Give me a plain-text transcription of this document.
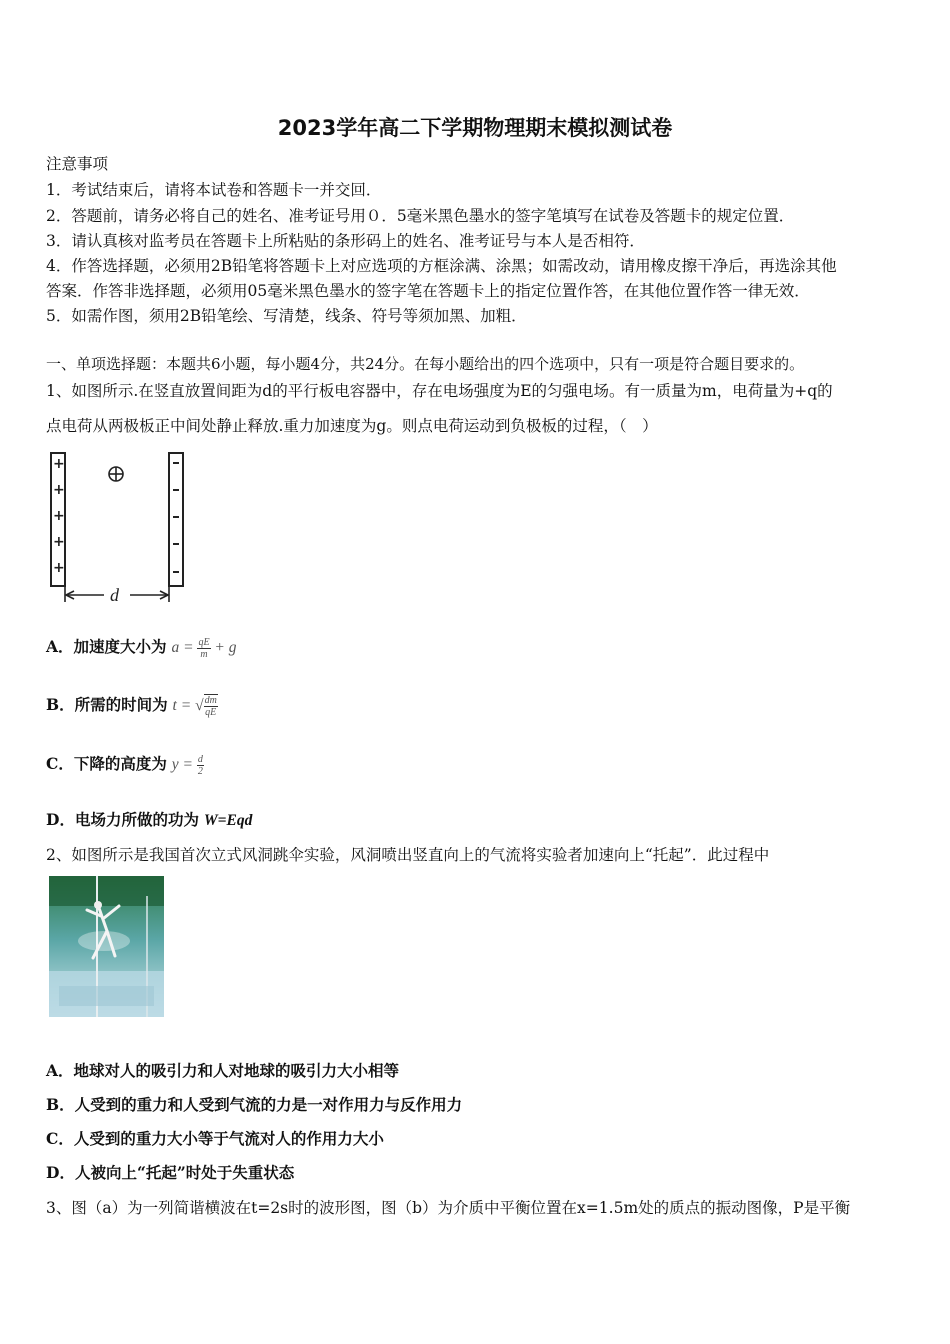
2023学年高二下学期物理期末模拟测试卷
注意事项
1．考试结束后，请将本试卷和答题卡一并交回．
2．答题前，请务必将自己的姓名、准考证号用０．5毫米黑色墨水的签字笔填写在试卷及答题卡的规定位置．
3．请认真核对监考员在答题卡上所粘贴的条形码上的姓名、准考证号与本人是否相符．
4．作答选择题，必须用2B铅笔将答题卡上对应选项的方框涂满、涂黑；如需改动，请用橡皮擦干净后，再选涂其他
答案．作答非选择题，必须用05毫米黑色墨水的签字笔在答题卡上的指定位置作答，在其他位置作答一律无效．
5．如需作图，须用2B铅笔绘、写清楚，线条、符号等须加黑、加粗．
一、单项选择题：本题共6小题，每小题4分，共24分。在每小题给出的四个选项中，只有一项是符合题目要求的。
1、如图所示.在竖直放置间距为d的平行板电容器中，存在电场强度为E的匀强电场。有一质量为m，电荷量为+q的
点电荷从两极板正中间处静止释放.重力加速度为g。则点电荷运动到负极板的过程，（　）
+
+
+
+
+
d
A．加速度大小为 $a = \frac{qE}{m} + g$
B．所需的时间为 t = √ $\frac{dm}{qE}$
C．下降的高度为 $y = \frac{d}{2}$
D．电场力所做的功为 W=Eqd
2、如图所示是我国首次立式风洞跳伞实验，风洞喷出竖直向上的气流将实验者加速向上“托起”．此过程中
A．地球对人的吸引力和人对地球的吸引力大小相等
B．人受到的重力和人受到气流的力是一对作用力与反作用力
C．人受到的重力大小等于气流对人的作用力大小
D．人被向上“托起”时处于失重状态
3、图（a）为一列简谐横波在t=2s时的波形图，图（b）为介质中平衡位置在x=1.5m处的质点的振动图像，P是平衡
